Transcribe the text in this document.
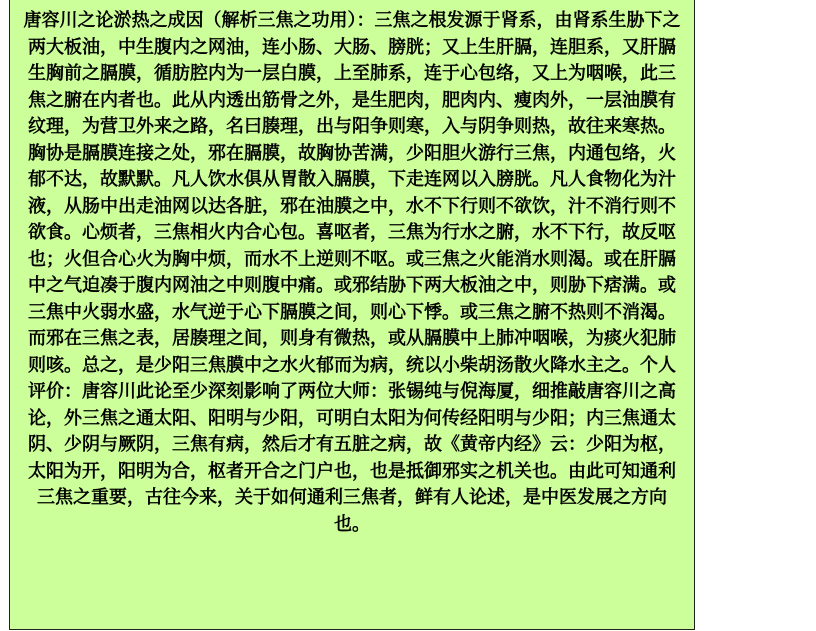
唐容川之论淤热之成因（解析三焦之功用）：三焦之根发源于肾系，由肾系生胁下之两大板油，中生腹内之网油，连小肠、大肠、膀胱；又上生肝膈，连胆系，又肝膈生胸前之膈膜，循肪腔内为一层白膜，上至肺系，连于心包络，又上为咽喉，此三焦之腑在内者也。此从内透出筋骨之外，是生肥肉，肥肉内、瘦肉外，一层油膜有纹理，为营卫外来之路，名曰腠理，出与阳争则寒，入与阴争则热，故往来寒热。胸协是膈膜连接之处，邪在膈膜，故胸协苦满，少阳胆火游行三焦，内通包络，火郁不达，故默默。凡人饮水俱从胃散入膈膜，下走连网以入膀胱。凡人食物化为汁液，从肠中出走油网以达各脏，邪在油膜之中，水不下行则不欲饮，汁不消行则不欲食。心烦者，三焦相火内合心包。喜呕者，三焦为行水之腑，水不下行，故反呕也；火但合心火为胸中烦，而水不上逆则不呕。或三焦之火能消水则渴。或在肝膈中之气迫凑于腹内网油之中则腹中痛。或邪结胁下两大板油之中，则胁下痞满。或三焦中火弱水盛，水气逆于心下膈膜之间，则心下悸。或三焦之腑不热则不消渴。而邪在三焦之表，居腠理之间，则身有微热，或从膈膜中上肺冲咽喉，为痰火犯肺则咳。总之，是少阳三焦膜中之水火郁而为病，统以小柴胡汤散火降水主之。个人评价：唐容川此论至少深刻影响了两位大师：张锡纯与倪海厦，细推敲唐容川之高论，外三焦之通太阳、阳明与少阳，可明白太阳为何传经阳明与少阳；内三焦通太阴、少阴与厥阴，三焦有病，然后才有五脏之病，故《黄帝内经》云：少阳为枢，太阳为开，阳明为合，枢者开合之门户也，也是抵御邪实之机关也。由此可知通利三焦之重要，古往今来，关于如何通利三焦者，鲜有人论述，是中医发展之方向也。
